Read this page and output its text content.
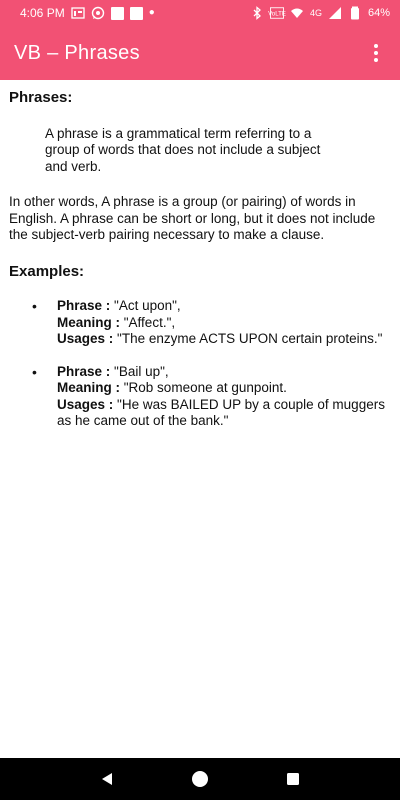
4:06 PM	●	VoLTE	4G	64%
VB – Phrases
Phrases:
A phrase is a grammatical term referring to a group of words that does not include a subject and verb.
In other words, A phrase is a group (or pairing) of words in English. A phrase can be short or long, but it does not include the subject-verb pairing necessary to make a clause.
Examples:
• Phrase : "Act upon",
Meaning : "Affect.",
Usages : "The enzyme ACTS UPON certain proteins."
• Phrase : "Bail up",
Meaning : "Rob someone at gunpoint.
Usages : "He was BAILED UP by a couple of muggers as he came out of the bank."
